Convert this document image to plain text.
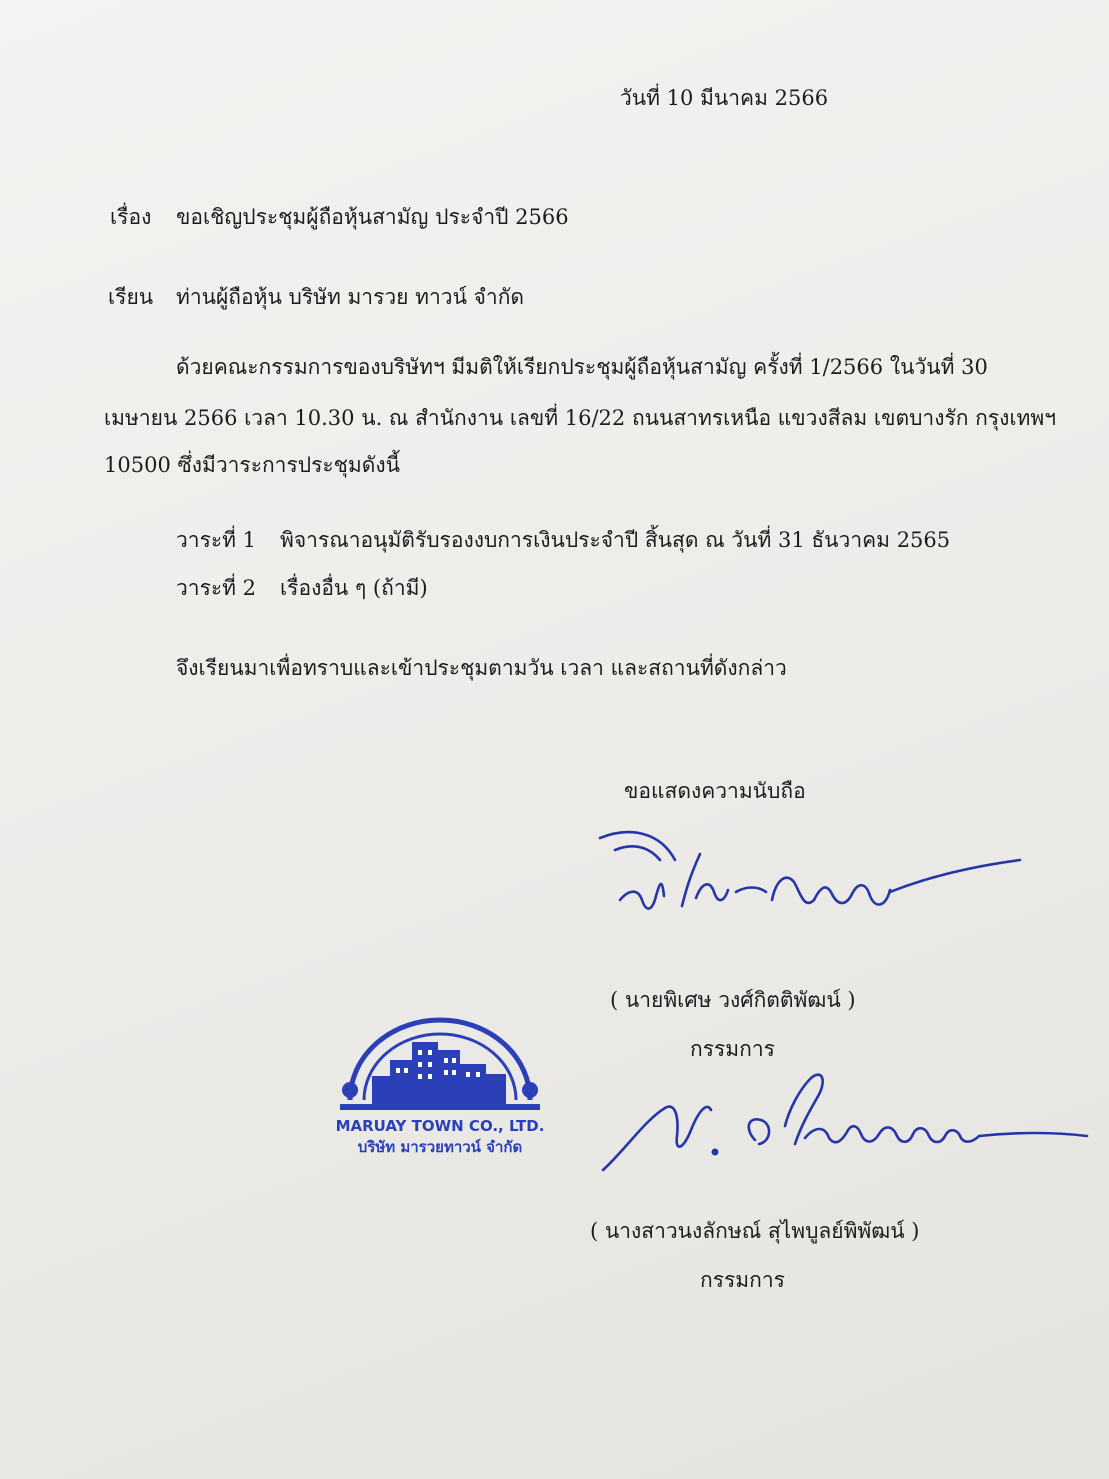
วันที่ 10 มีนาคม 2566
เรื่อง ขอเชิญประชุมผู้ถือหุ้นสามัญ ประจำปี 2566
เรียน ท่านผู้ถือหุ้น บริษัท มารวย ทาวน์ จำกัด
ด้วยคณะกรรมการของบริษัทฯ มีมติให้เรียกประชุมผู้ถือหุ้นสามัญ ครั้งที่ 1/2566 ในวันที่ 30
เมษายน 2566 เวลา 10.30 น. ณ สำนักงาน เลขที่ 16/22 ถนนสาทรเหนือ แขวงสีลม เขตบางรัก กรุงเทพฯ
10500 ซึ่งมีวาระการประชุมดังนี้
วาระที่ 1 พิจารณาอนุมัติรับรองงบการเงินประจำปี สิ้นสุด ณ วันที่ 31 ธันวาคม 2565
วาระที่ 2 เรื่องอื่น ๆ (ถ้ามี)
จึงเรียนมาเพื่อทราบและเข้าประชุมตามวัน เวลา และสถานที่ดังกล่าว
ขอแสดงความนับถือ
( นายพิเศษ วงศ์กิตติพัฒน์ )
กรรมการ
MARUAY TOWN CO., LTD.
บริษัท มารวยทาวน์ จำกัด
( นางสาวนงลักษณ์ สุไพบูลย์พิพัฒน์ )
กรรมการ
